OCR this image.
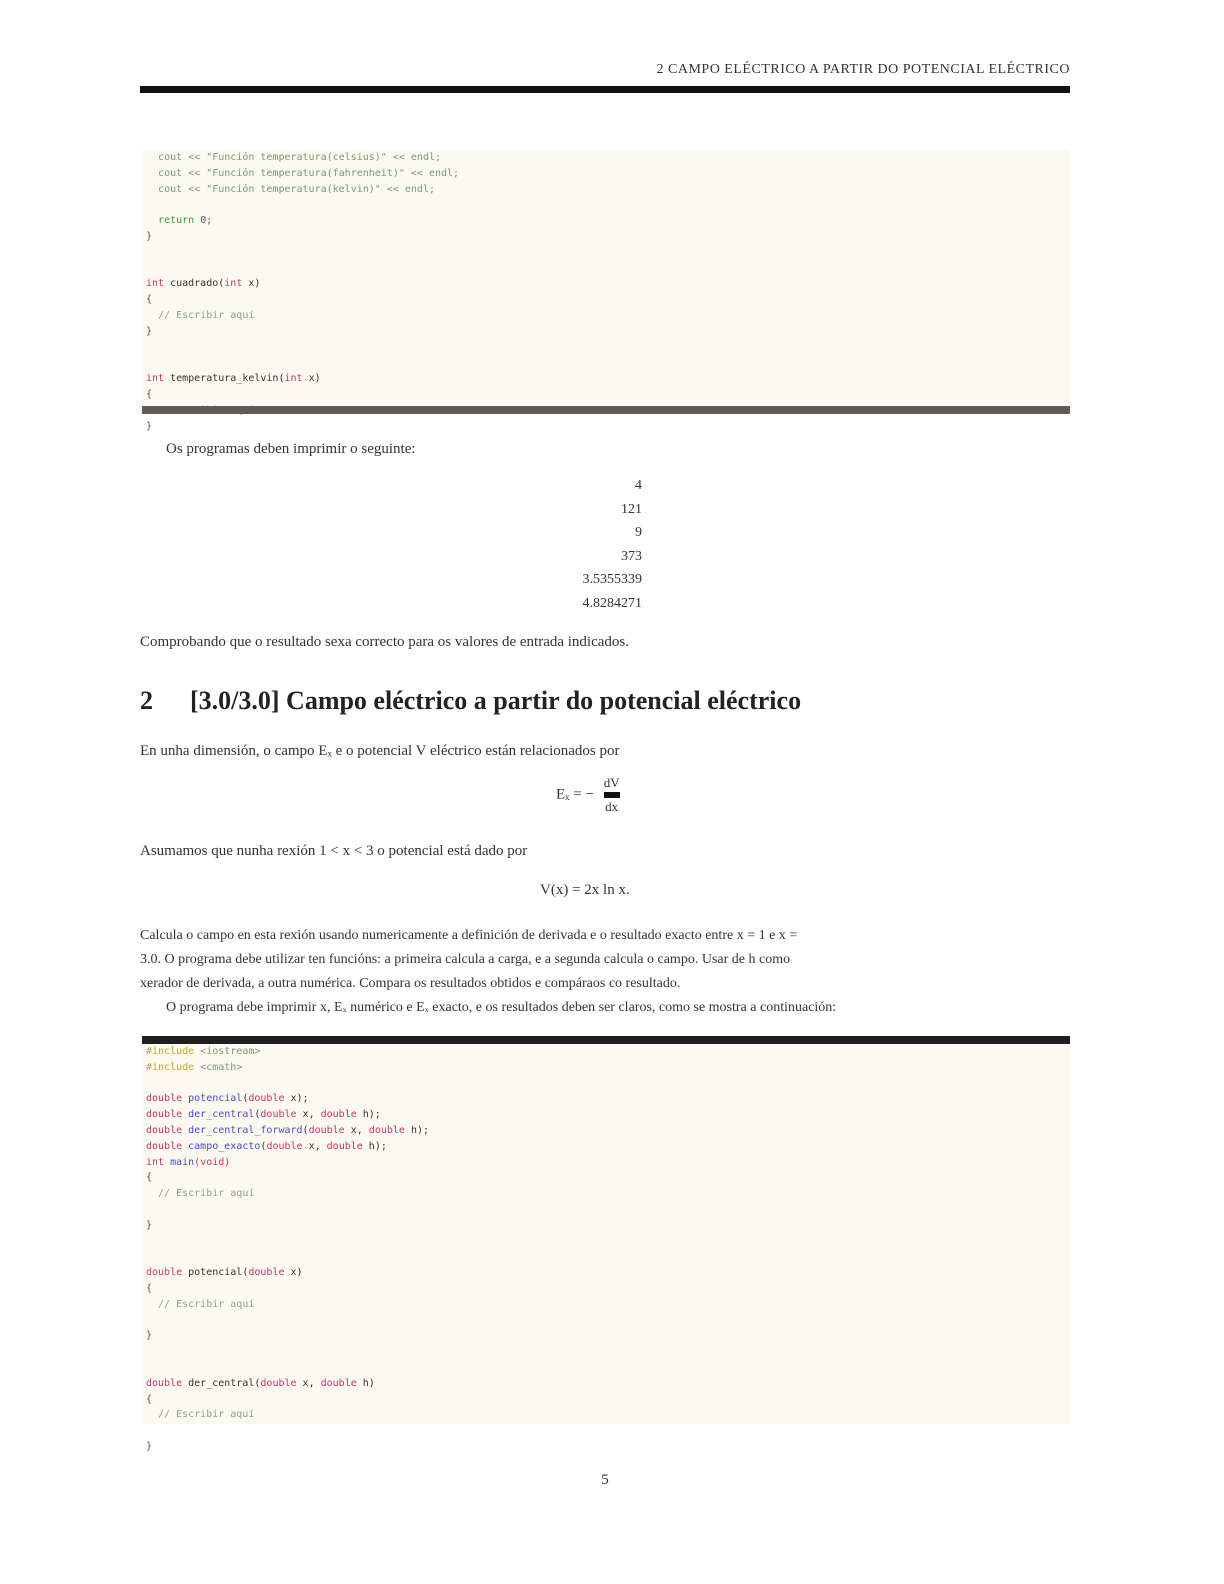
2 CAMPO ELÉCTRICO A PARTIR DO POTENCIAL ELÉCTRICO
cout << "Función temperatura(celsius)" << endl;
cout << "Función temperatura(fahrenheit)" << endl;
cout << "Función temperatura(kelvin)" << endl;
return 0;
}
int cuadrado(int x)
{
// Escribir aquí
}
int temperatura_kelvin(int x)
{
}
Os programas deben imprimir o seguinte:
4
121
9
373
3.5355339
4.8284271
Comprobando que o resultado sexa correcto para os valores de entrada indicados.
2 [3.0/3.0] Campo eléctrico a partir do potencial eléctrico
En unha dimensión, o campo Eₓ e o potencial V eléctrico están relacionados por
Eₓ = −
dV
dx
Asumamos que nunha rexión 1 < x < 3 o potencial está dado por
V(x) = 2x ln x.
Calcula o campo en esta rexión usando numericamente a definición de derivada e o resultado exacto entre x = 1 e x =
3.0. O programa debe utilizar ten funcións: a primeira calcula a carga, e a segunda calcula o campo. Usar de h como
xerador de derivada, a outra numérica. Compara os resultados obtidos e compáraos co resultado.
O programa debe imprimir x, Eₓ numérico e Eₓ exacto, e os resultados deben ser claros, como se mostra a continuación:
#include <iostream>
#include <cmath>
double potencial(double x);
double der_central(double x, double h);
double der_central_forward(double x, double h);
double campo_exacto(double x, double h);
int main(void)
{
// Escribir aquí
}
double potencial(double x)
{
// Escribir aquí
}
double der_central(double x, double h)
{
// Escribir aquí
}
5
